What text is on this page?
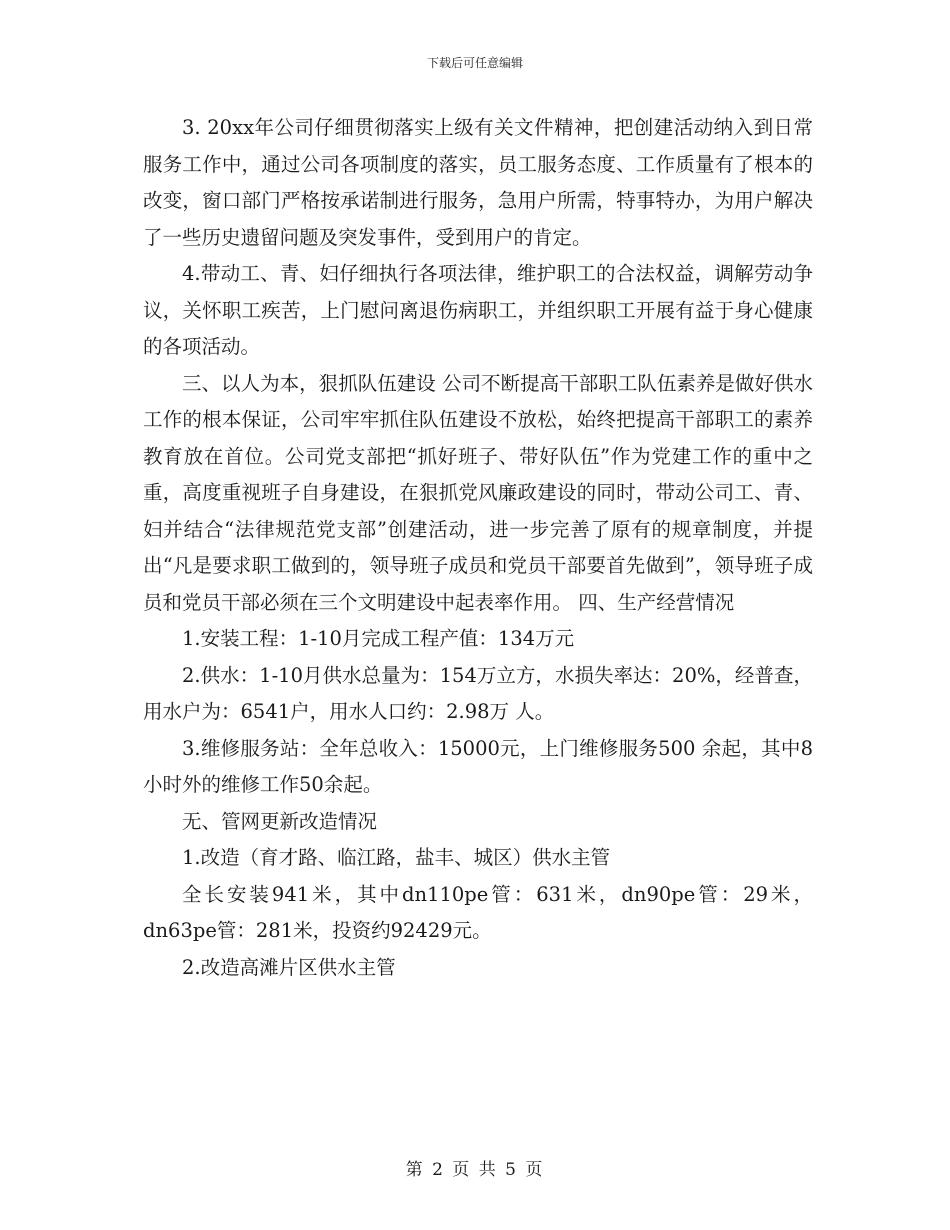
下载后可任意编辑

3. 20xx年公司仔细贯彻落实上级有关文件精神，把创建活动纳入到日常服务工作中，通过公司各项制度的落实，员工服务态度、工作质量有了根本的改变，窗口部门严格按承诺制进行服务，急用户所需，特事特办，为用户解决了一些历史遗留问题及突发事件，受到用户的肯定。

4.带动工、青、妇仔细执行各项法律，维护职工的合法权益，调解劳动争议，关怀职工疾苦，上门慰问离退伤病职工，并组织职工开展有益于身心健康的各项活动。

三、以人为本，狠抓队伍建设 公司不断提高干部职工队伍素养是做好供水工作的根本保证，公司牢牢抓住队伍建设不放松，始终把提高干部职工的素养教育放在首位。公司党支部把“抓好班子、带好队伍”作为党建工作的重中之重，高度重视班子自身建设，在狠抓党风廉政建设的同时，带动公司工、青、妇并结合“法律规范党支部”创建活动，进一步完善了原有的规章制度，并提出“凡是要求职工做到的，领导班子成员和党员干部要首先做到”，领导班子成员和党员干部必须在三个文明建设中起表率作用。 四、生产经营情况

1.安装工程：1-10月完成工程产值：134万元

2.供水：1-10月供水总量为：154万立方，水损失率达：20%，经普查，用水户为：6541户，用水人口约：2.98万 人。

3.维修服务站：全年总收入：15000元，上门维修服务500 余起，其中8小时外的维修工作50余起。

无、管网更新改造情况

1.改造（育才路、临江路，盐丰、城区）供水主管

全长安装941米，其中dn110pe管：631米，dn90pe管：29米，dn63pe管：281米，投资约92429元。

2.改造高滩片区供水主管

第 2 页 共 5 页
